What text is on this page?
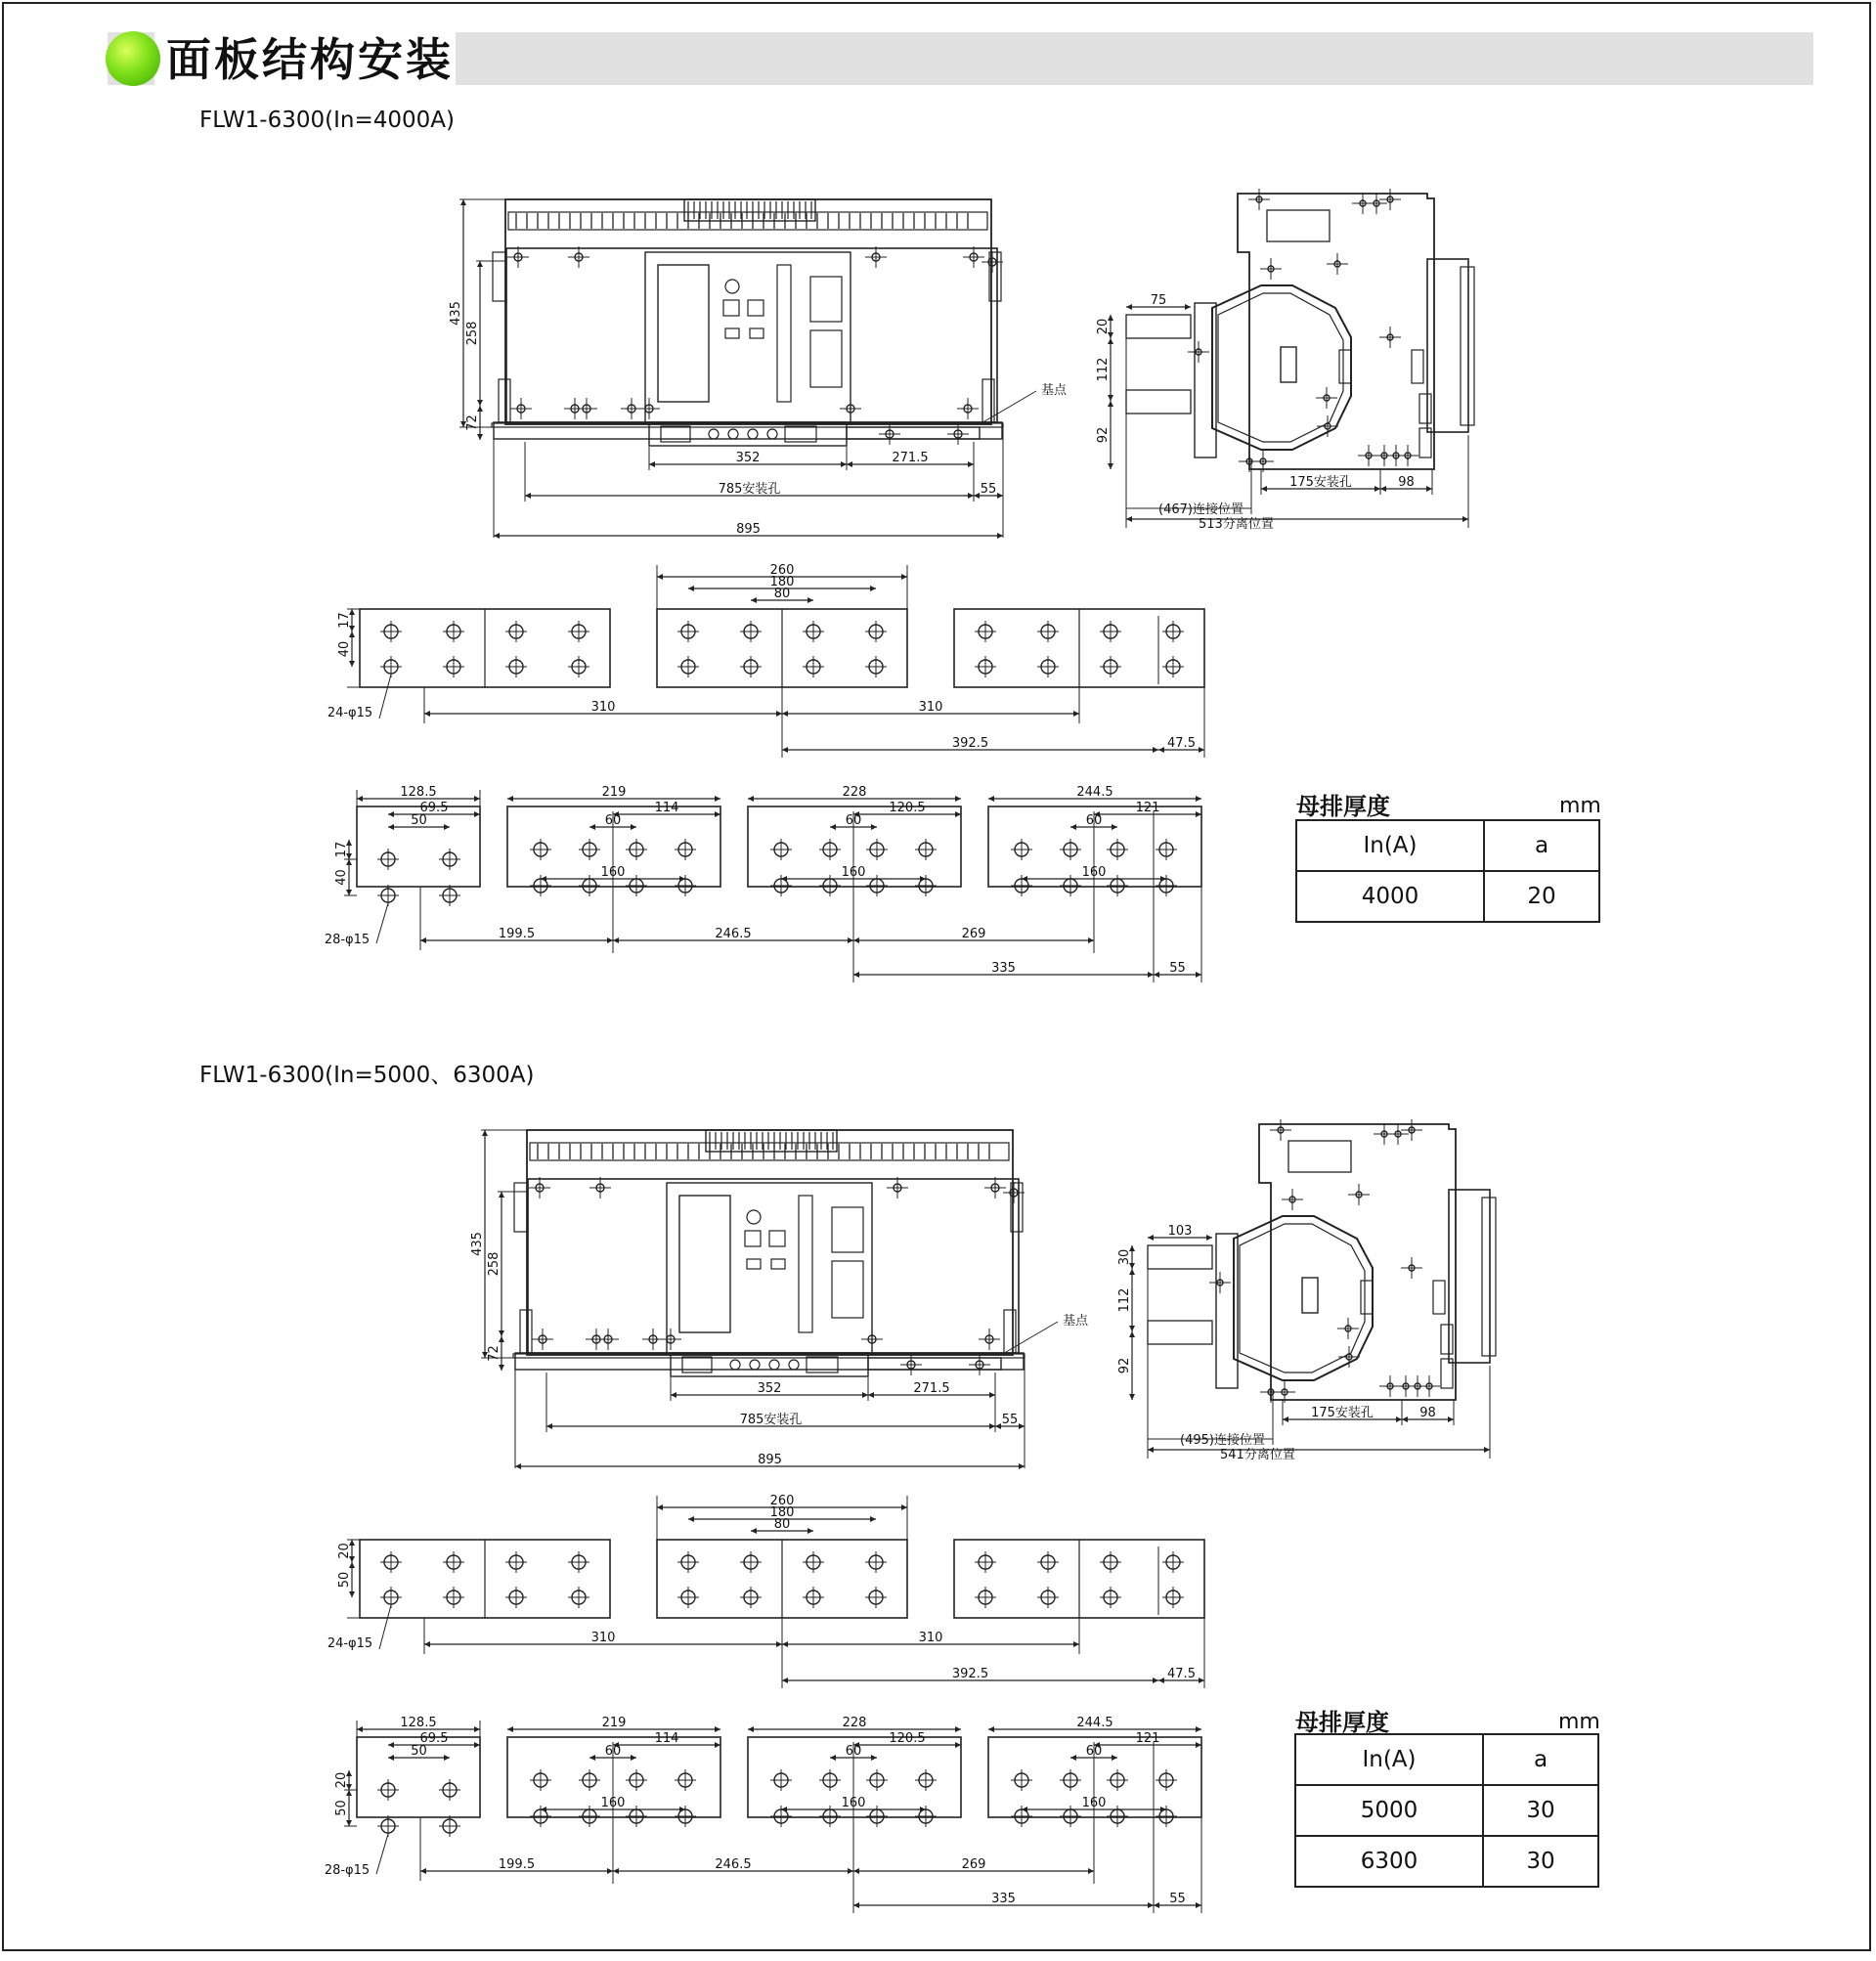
面板结构安装
FLW1-6300(In=4000A)
FLW1-6300(In=5000、6300A)
435
258
72
352	271.5
785安装孔	55
895
基点
75
20
112
92
175安装孔	98
(467)连接位置
513分离位置
260
180
80
17
40
24-φ15	310	310
392.5	47.5
128.5
69.5
50
219
114
60
160
228
120.5
60
160
244.5
121
60
160
17
40
28-φ15	199.5	246.5	269
335	55
435
258
72
352	271.5
785安装孔	55
895
基点
103
30
112
92
175安装孔	98
(495)连接位置
541分离位置
260
180
80
20
50
24-φ15	310	310
392.5	47.5
128.5
69.5
50
219
114
60
160
228
120.5
60
160
244.5
121
60
160
20
50
28-φ15	199.5	246.5	269
335	55
母排厚度	mm
In(A)	a
4000	20
母排厚度	mm
In(A)	a
5000	30
6300	30
